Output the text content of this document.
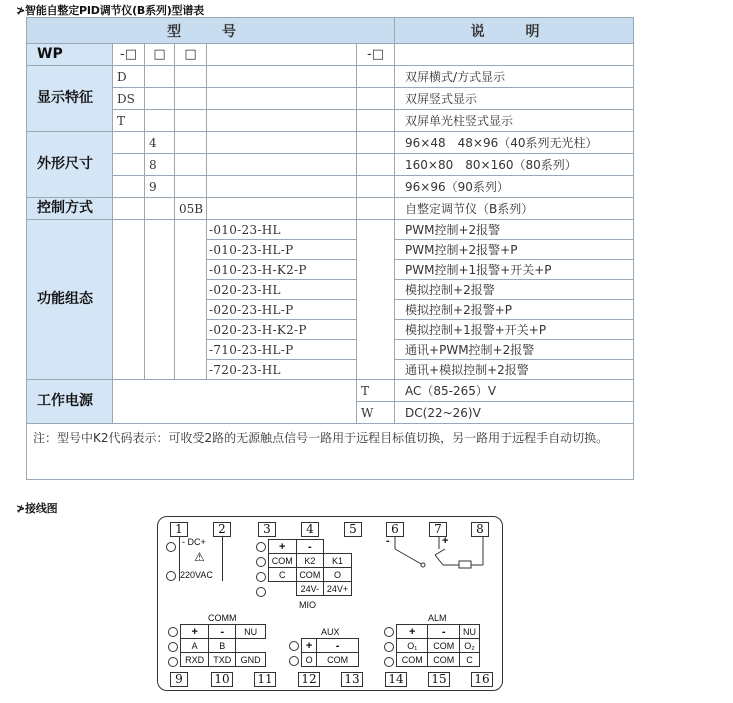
≯智能自整定PID调节仪(B系列)型谱表
型 号						说 明
WP	-□	□	□		-□	
显示特征	D					双屏横式/方式显示
	DS					双屏竖式显示
	T					双屏单光柱竖式显示
外形尺寸		4				96×48　48×96（40系列无光柱）
		8				160×80　80×160（80系列）
		9				96×96（90系列）
控制方式			05B			自整定调节仪（B系列）
功能组态				-010-23-HL		PWM控制+2报警
				-010-23-HL-P		PWM控制+2报警+P
				-010-23-H-K2-P		PWM控制+1报警+开关+P
				-020-23-HL		模拟控制+2报警
				-020-23-HL-P		模拟控制+2报警+P
				-020-23-H-K2-P		模拟控制+1报警+开关+P
				-710-23-HL-P		通讯+PWM控制+2报警
				-720-23-HL		通讯+模拟控制+2报警
工作电源					T	AC（85-265）V
					W	DC(22~26)V
注：型号中K2代码表示：可收受2路的无源触点信号一路用于远程目标值切换，另一路用于远程手自动切换。						
≯接线图
1	2	3	4	5	6	7	8
- DC+
⚠
220VAC
+	-	
COM	K2	K1
C	COM	O
	24V-	24V+
MIO
-	+
COMM
+	-	NU
A	B	
RXD	TXD	GND
AUX
+	-
O	COM
ALM
+	-	NU
O₁	COM	O₂
COM	COM	C
9	10 11 12 13 14 15 16
